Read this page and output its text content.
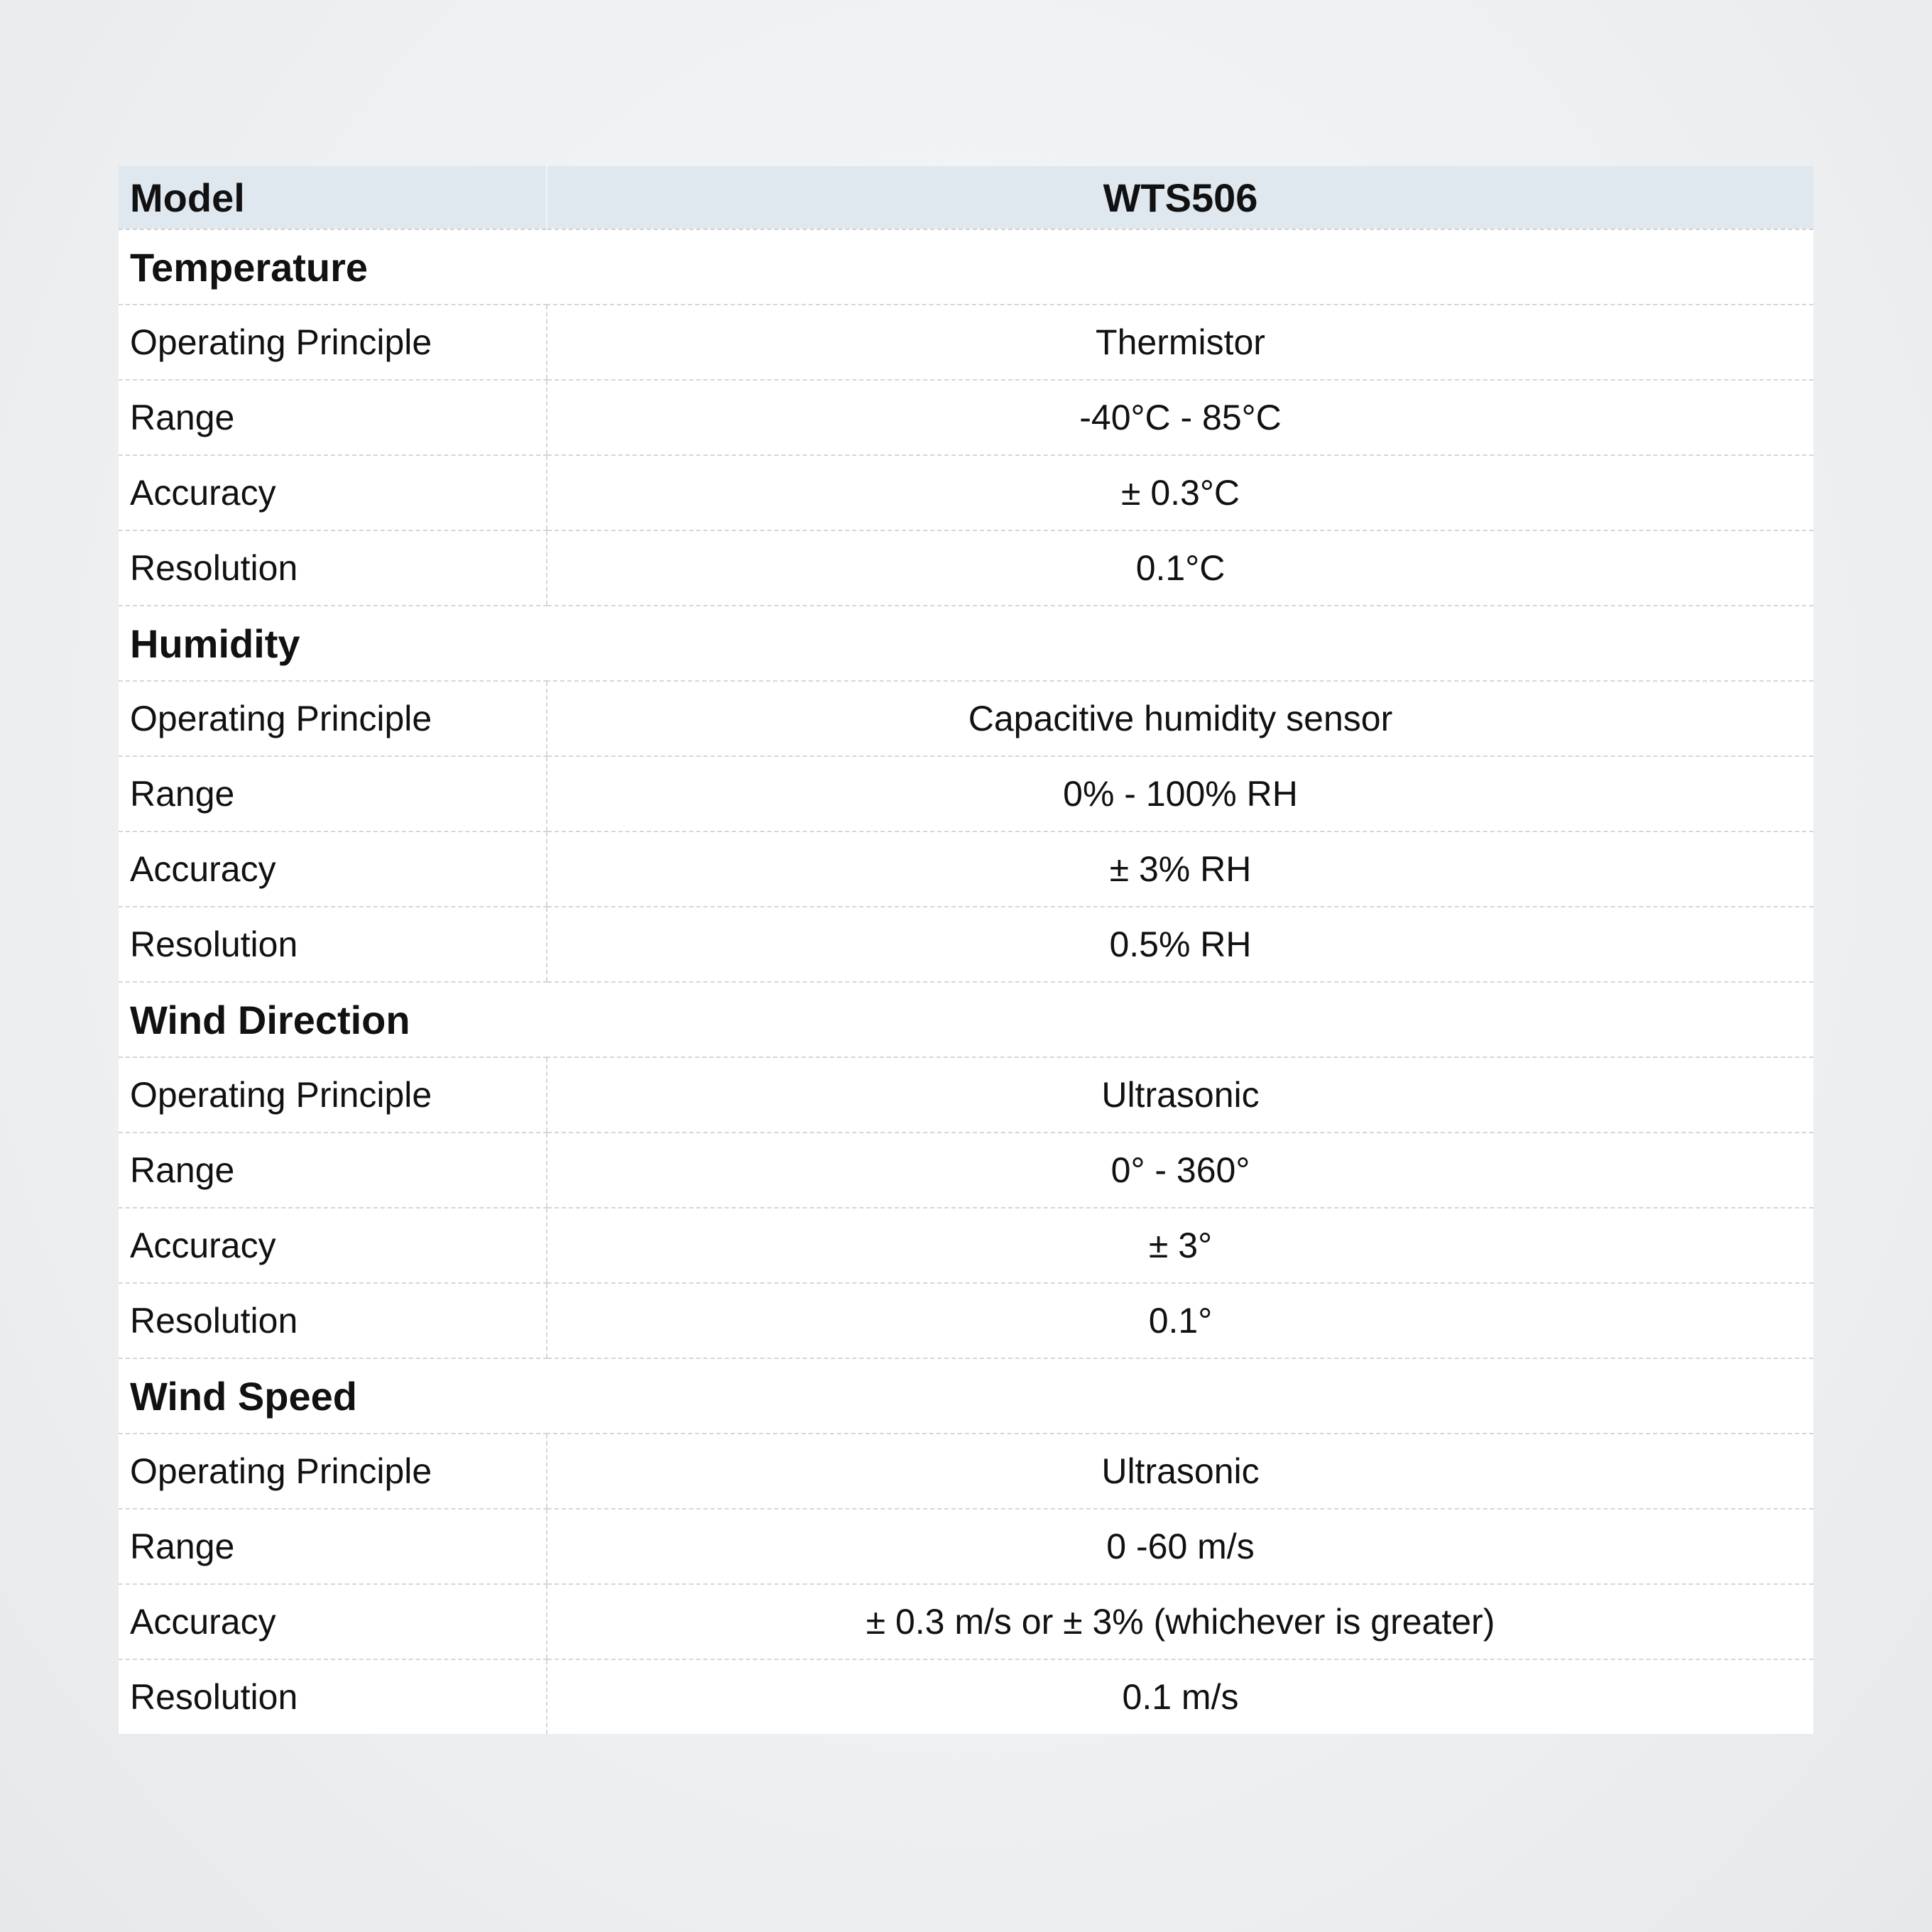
Model	WTS506
Temperature	
Operating Principle	Thermistor
Range	-40°C - 85°C
Accuracy	± 0.3°C
Resolution	0.1°C
Humidity	
Operating Principle	Capacitive humidity sensor
Range	0% - 100% RH
Accuracy	± 3% RH
Resolution	0.5% RH
Wind Direction	
Operating Principle	Ultrasonic
Range	0° - 360°
Accuracy	± 3°
Resolution	0.1°
Wind Speed	
Operating Principle	Ultrasonic
Range	0 -60 m/s
Accuracy	± 0.3 m/s or ± 3% (whichever is greater)
Resolution	0.1 m/s
